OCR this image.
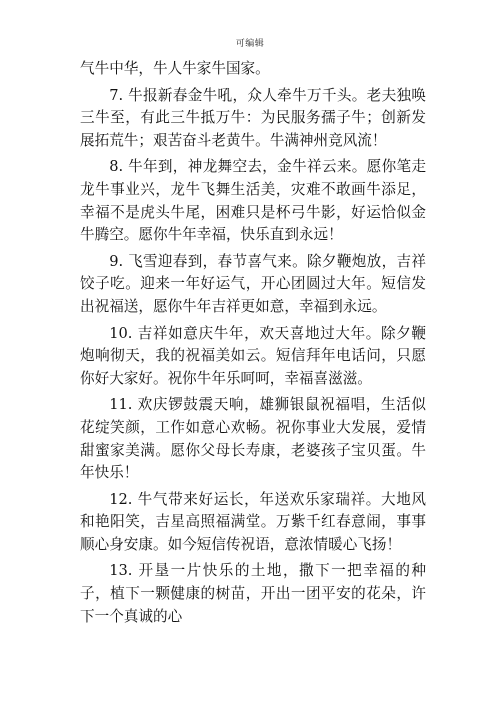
可编辑

气牛中华，牛人牛家牛国家。

7. 牛报新春金牛吼，众人牵牛万千头。老夫独唤三牛至，有此三牛抵万牛：为民服务孺子牛；创新发展拓荒牛；艰苦奋斗老黄牛。牛满神州竞风流！

8. 牛年到，神龙舞空去，金牛祥云来。愿你笔走龙牛事业兴，龙牛飞舞生活美，灾难不敢画牛添足，幸福不是虎头牛尾，困难只是杯弓牛影，好运恰似金牛腾空。愿你牛年幸福，快乐直到永远！

9. 飞雪迎春到，春节喜气来。除夕鞭炮放，吉祥饺子吃。迎来一年好运气，开心团圆过大年。短信发出祝福送，愿你牛年吉祥更如意，幸福到永远。

10. 吉祥如意庆牛年，欢天喜地过大年。除夕鞭炮响彻天，我的祝福美如云。短信拜年电话问，只愿你好大家好。祝你牛年乐呵呵，幸福喜滋滋。

11. 欢庆锣鼓震天响，雄狮银鼠祝福唱，生活似花绽笑颜，工作如意心欢畅。祝你事业大发展，爱情甜蜜家美满。愿你父母长寿康，老婆孩子宝贝蛋。牛年快乐！

12. 牛气带来好运长，年送欢乐家瑞祥。大地风和艳阳笑，吉星高照福满堂。万紫千红春意闹，事事顺心身安康。如今短信传祝语，意浓情暖心飞扬！

13. 开垦一片快乐的土地，撒下一把幸福的种子，植下一颗健康的树苗，开出一团平安的花朵，许下一个真诚的心
